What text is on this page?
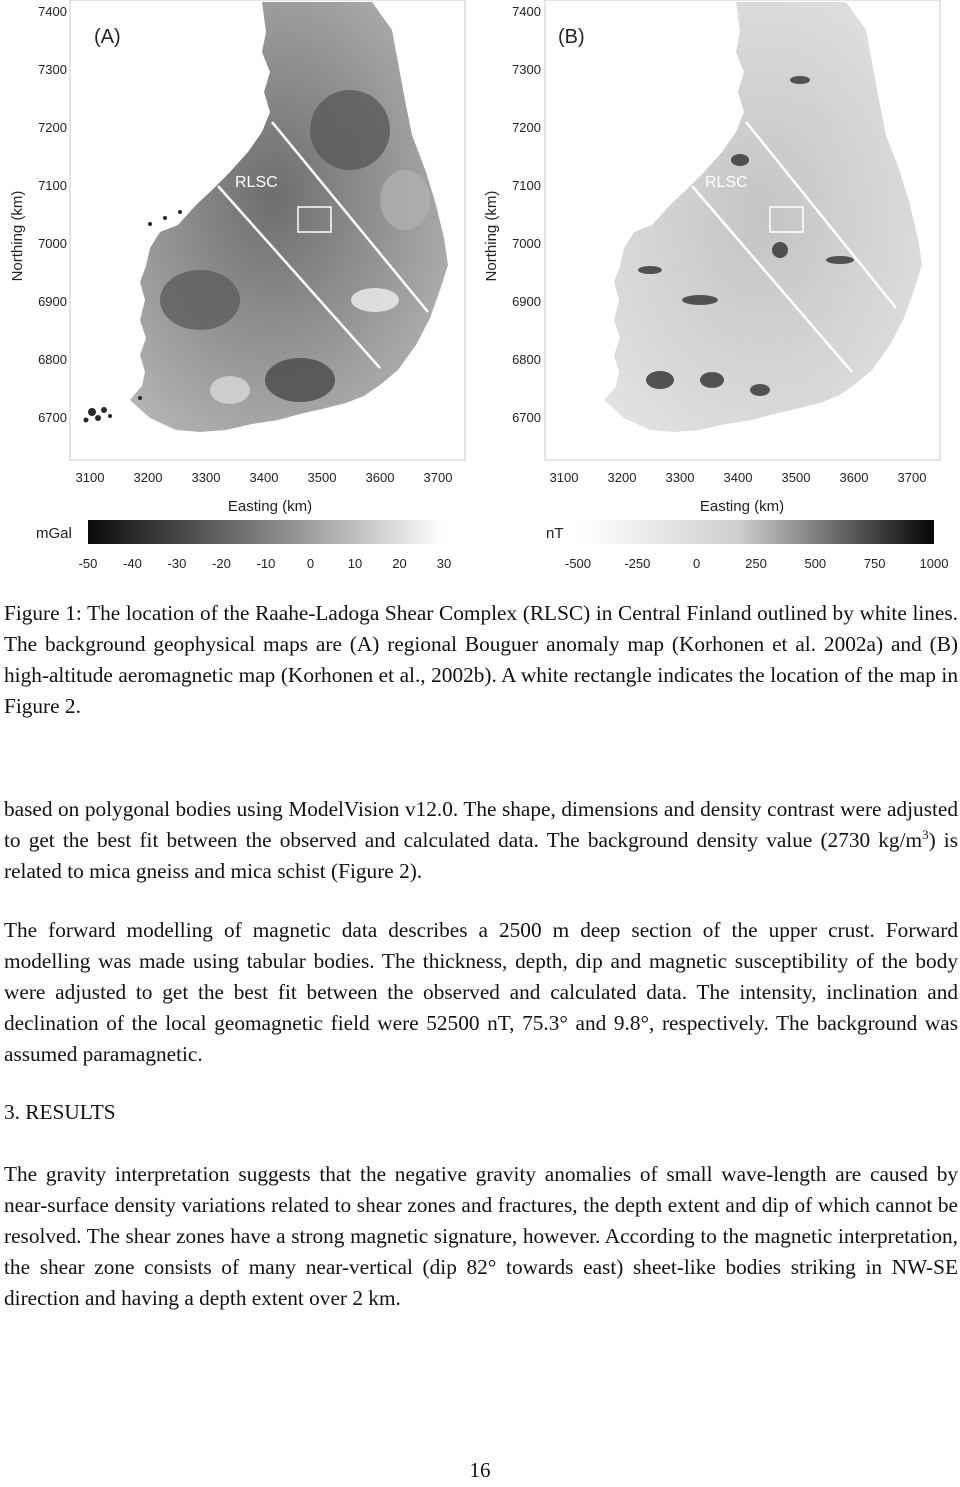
(A)
RLSC
Northing (km)
Easting (km)
7400
7300
7200
7100
7000
6900
6800
6700
3100 3200 3300 3400 3500 3600 3700
mGal
-50 -40 -30 -20 -10 0	10 20 30
(B)
RLSC
Northing (km)
Easting (km)
7400
7300
7200
7100
7000
6900
6800
6700
3100 3200 3300 3400 3500 3600 3700
nT
-500	-250	0	250	500	750	1000

Figure 1: The location of the Raahe-Ladoga Shear Complex (RLSC) in Central Finland outlined by white lines. The background geophysical maps are (A) regional Bouguer anomaly map (Korhonen et al. 2002a) and (B) high-altitude aeromagnetic map (Korhonen et al., 2002b). A white rectangle indicates the location of the map in Figure 2.

based on polygonal bodies using ModelVision v12.0. The shape, dimensions and density contrast were adjusted to get the best fit between the observed and calculated data. The background density value (2730 $kg/m^3$) is related to mica gneiss and mica schist (Figure 2).

The forward modelling of magnetic data describes a 2500 m deep section of the upper crust. Forward modelling was made using tabular bodies. The thickness, depth, dip and magnetic susceptibility of the body were adjusted to get the best fit between the observed and calculated data. The intensity, inclination and declination of the local geomagnetic field were 52500 nT, 75.3° and 9.8°, respectively. The background was assumed paramagnetic.

3. RESULTS

The gravity interpretation suggests that the negative gravity anomalies of small wave-length are caused by near-surface density variations related to shear zones and fractures, the depth extent and dip of which cannot be resolved. The shear zones have a strong magnetic signature, however. According to the magnetic interpretation, the shear zone consists of many near-vertical (dip 82° towards east) sheet-like bodies striking in NW-SE direction and having a depth extent over 2 km.

16
